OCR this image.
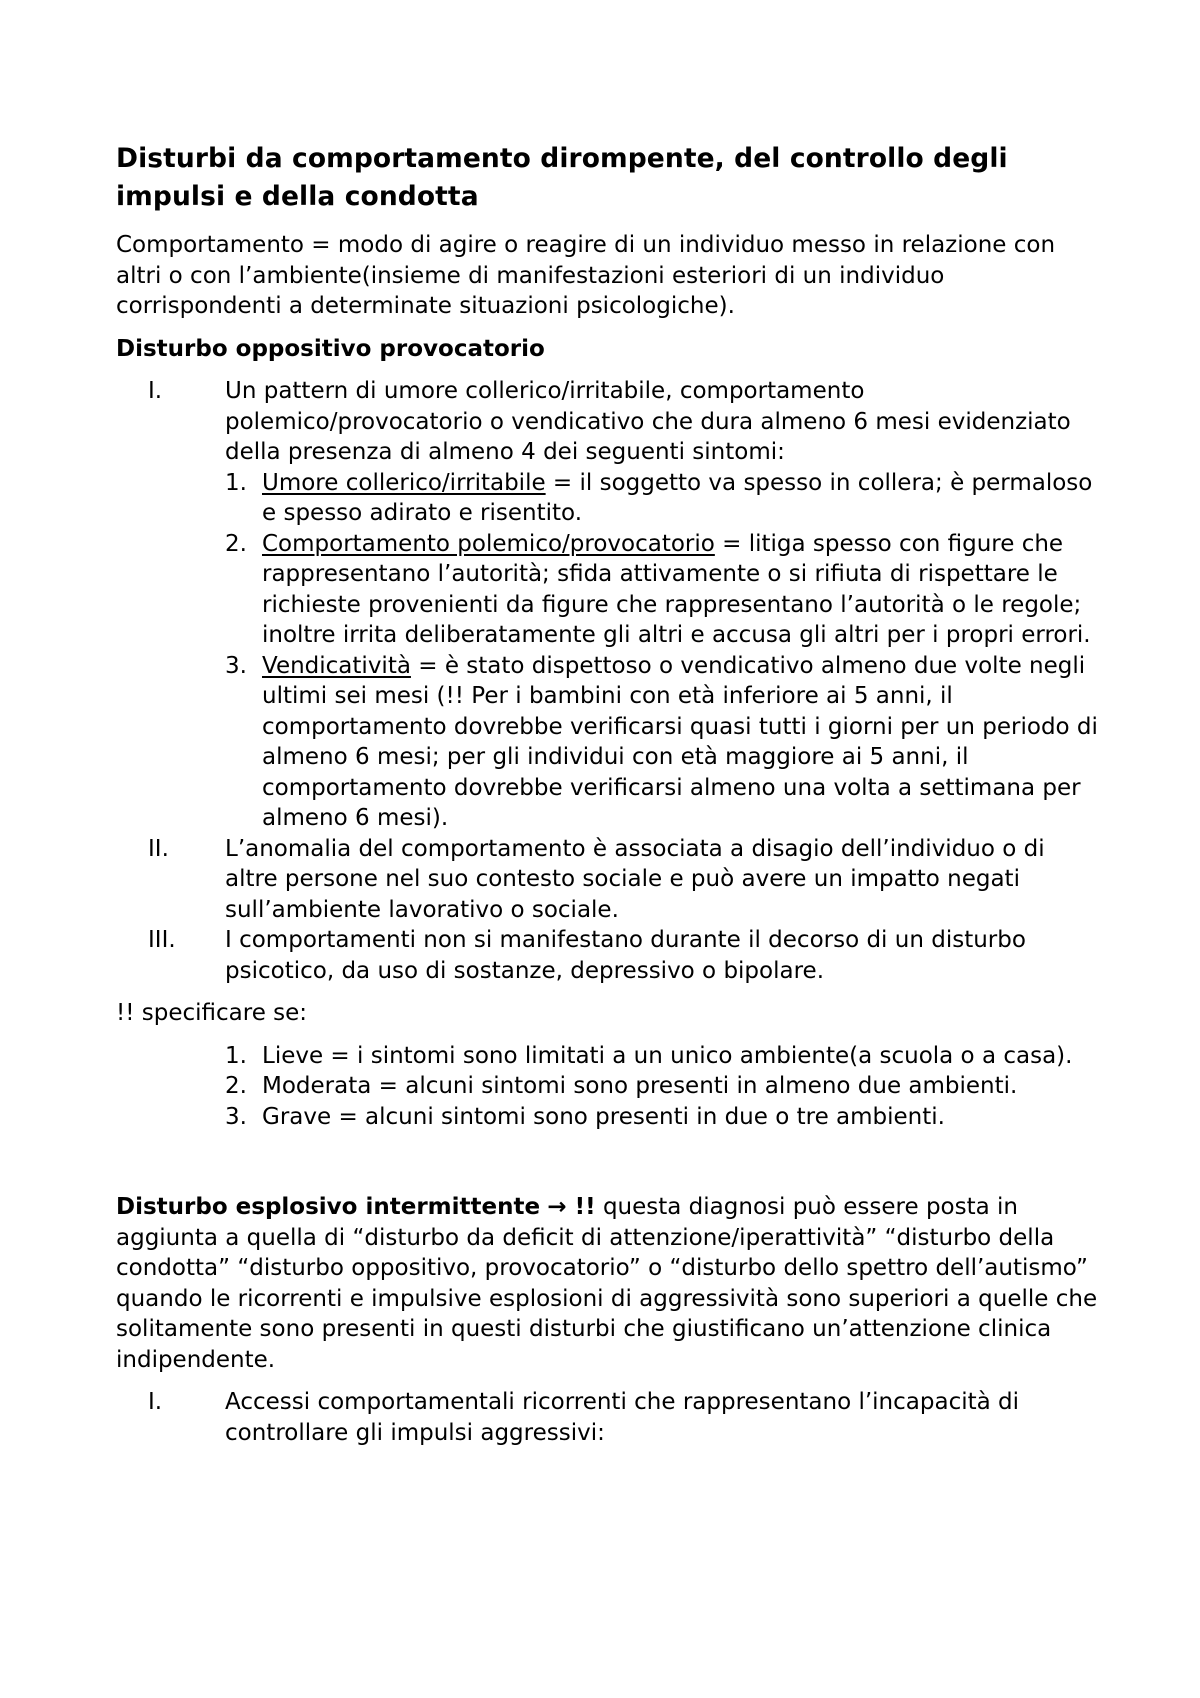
Disturbi da comportamento dirompente, del controllo degli impulsi e della condotta
Comportamento = modo di agire o reagire di un individuo messo in relazione con altri o con l’ambiente(insieme di manifestazioni esteriori di un individuo corrispondenti a determinate situazioni psicologiche).
Disturbo oppositivo provocatorio
I.	Un pattern di umore collerico/irritabile, comportamento polemico/provocatorio o vendicativo che dura almeno 6 mesi evidenziato della presenza di almeno 4 dei seguenti sintomi:
1. Umore collerico/irritabile = il soggetto va spesso in collera; è permaloso e spesso adirato e risentito.
2. Comportamento polemico/provocatorio = litiga spesso con figure che rappresentano l’autorità; sfida attivamente o si rifiuta di rispettare le richieste provenienti da figure che rappresentano l’autorità o le regole; inoltre irrita deliberatamente gli altri e accusa gli altri per i propri errori.
3. Vendicatività = è stato dispettoso o vendicativo almeno due volte negli ultimi sei mesi (!! Per i bambini con età inferiore ai 5 anni, il comportamento dovrebbe verificarsi quasi tutti i giorni per un periodo di almeno 6 mesi; per gli individui con età maggiore ai 5 anni, il comportamento dovrebbe verificarsi almeno una volta a settimana per almeno 6 mesi).
II. L’anomalia del comportamento è associata a disagio dell’individuo o di altre persone nel suo contesto sociale e può avere un impatto negati sull’ambiente lavorativo o sociale.
III. I comportamenti non si manifestano durante il decorso di un disturbo psicotico, da uso di sostanze, depressivo o bipolare.
!! specificare se:
1. Lieve = i sintomi sono limitati a un unico ambiente(a scuola o a casa).
2. Moderata = alcuni sintomi sono presenti in almeno due ambienti.
3. Grave = alcuni sintomi sono presenti in due o tre ambienti.
Disturbo esplosivo intermittente → !! questa diagnosi può essere posta in aggiunta a quella di “disturbo da deficit di attenzione/iperattività” “disturbo della condotta” “disturbo oppositivo, provocatorio” o “disturbo dello spettro dell’autismo” quando le ricorrenti e impulsive esplosioni di aggressività sono superiori a quelle che solitamente sono presenti in questi disturbi che giustificano un’attenzione clinica indipendente.
I.	Accessi comportamentali ricorrenti che rappresentano l’incapacità di controllare gli impulsi aggressivi:
